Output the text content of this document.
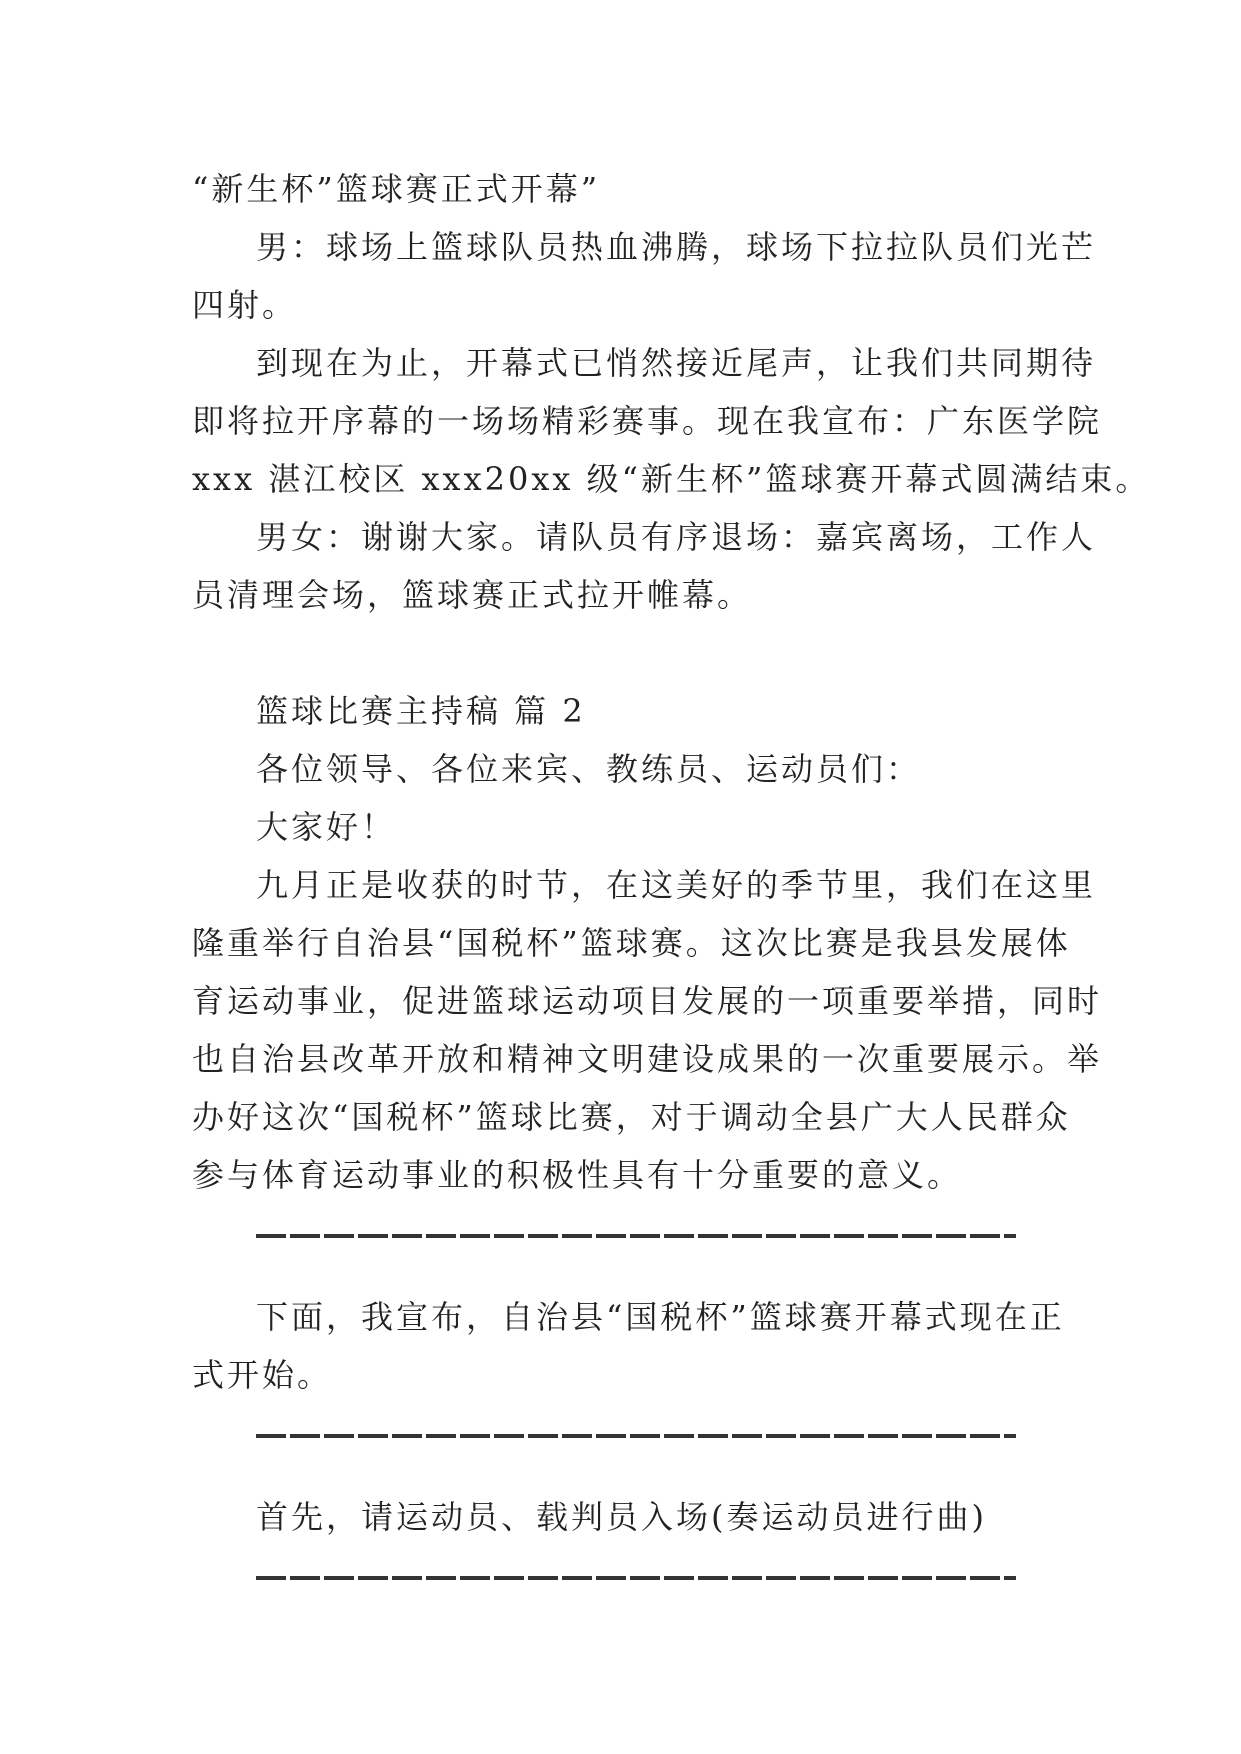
“新生杯”篮球赛正式开幕”

男：球场上篮球队员热血沸腾，球场下拉拉队员们光芒

四射。

到现在为止，开幕式已悄然接近尾声，让我们共同期待

即将拉开序幕的一场场精彩赛事。现在我宣布：广东医学院

xxx 湛江校区 xxx20xx 级“新生杯”篮球赛开幕式圆满结束。

男女：谢谢大家。请队员有序退场：嘉宾离场，工作人

员清理会场，篮球赛正式拉开帷幕。

篮球比赛主持稿 篇 2

各位领导、各位来宾、教练员、运动员们：

大家好！

九月正是收获的时节，在这美好的季节里，我们在这里

隆重举行自治县“国税杯”篮球赛。这次比赛是我县发展体

育运动事业，促进篮球运动项目发展的一项重要举措，同时

也自治县改革开放和精神文明建设成果的一次重要展示。举

办好这次“国税杯”篮球比赛，对于调动全县广大人民群众

参与体育运动事业的积极性具有十分重要的意义。

下面，我宣布，自治县“国税杯”篮球赛开幕式现在正

式开始。

首先，请运动员、载判员入场(奏运动员进行曲)
